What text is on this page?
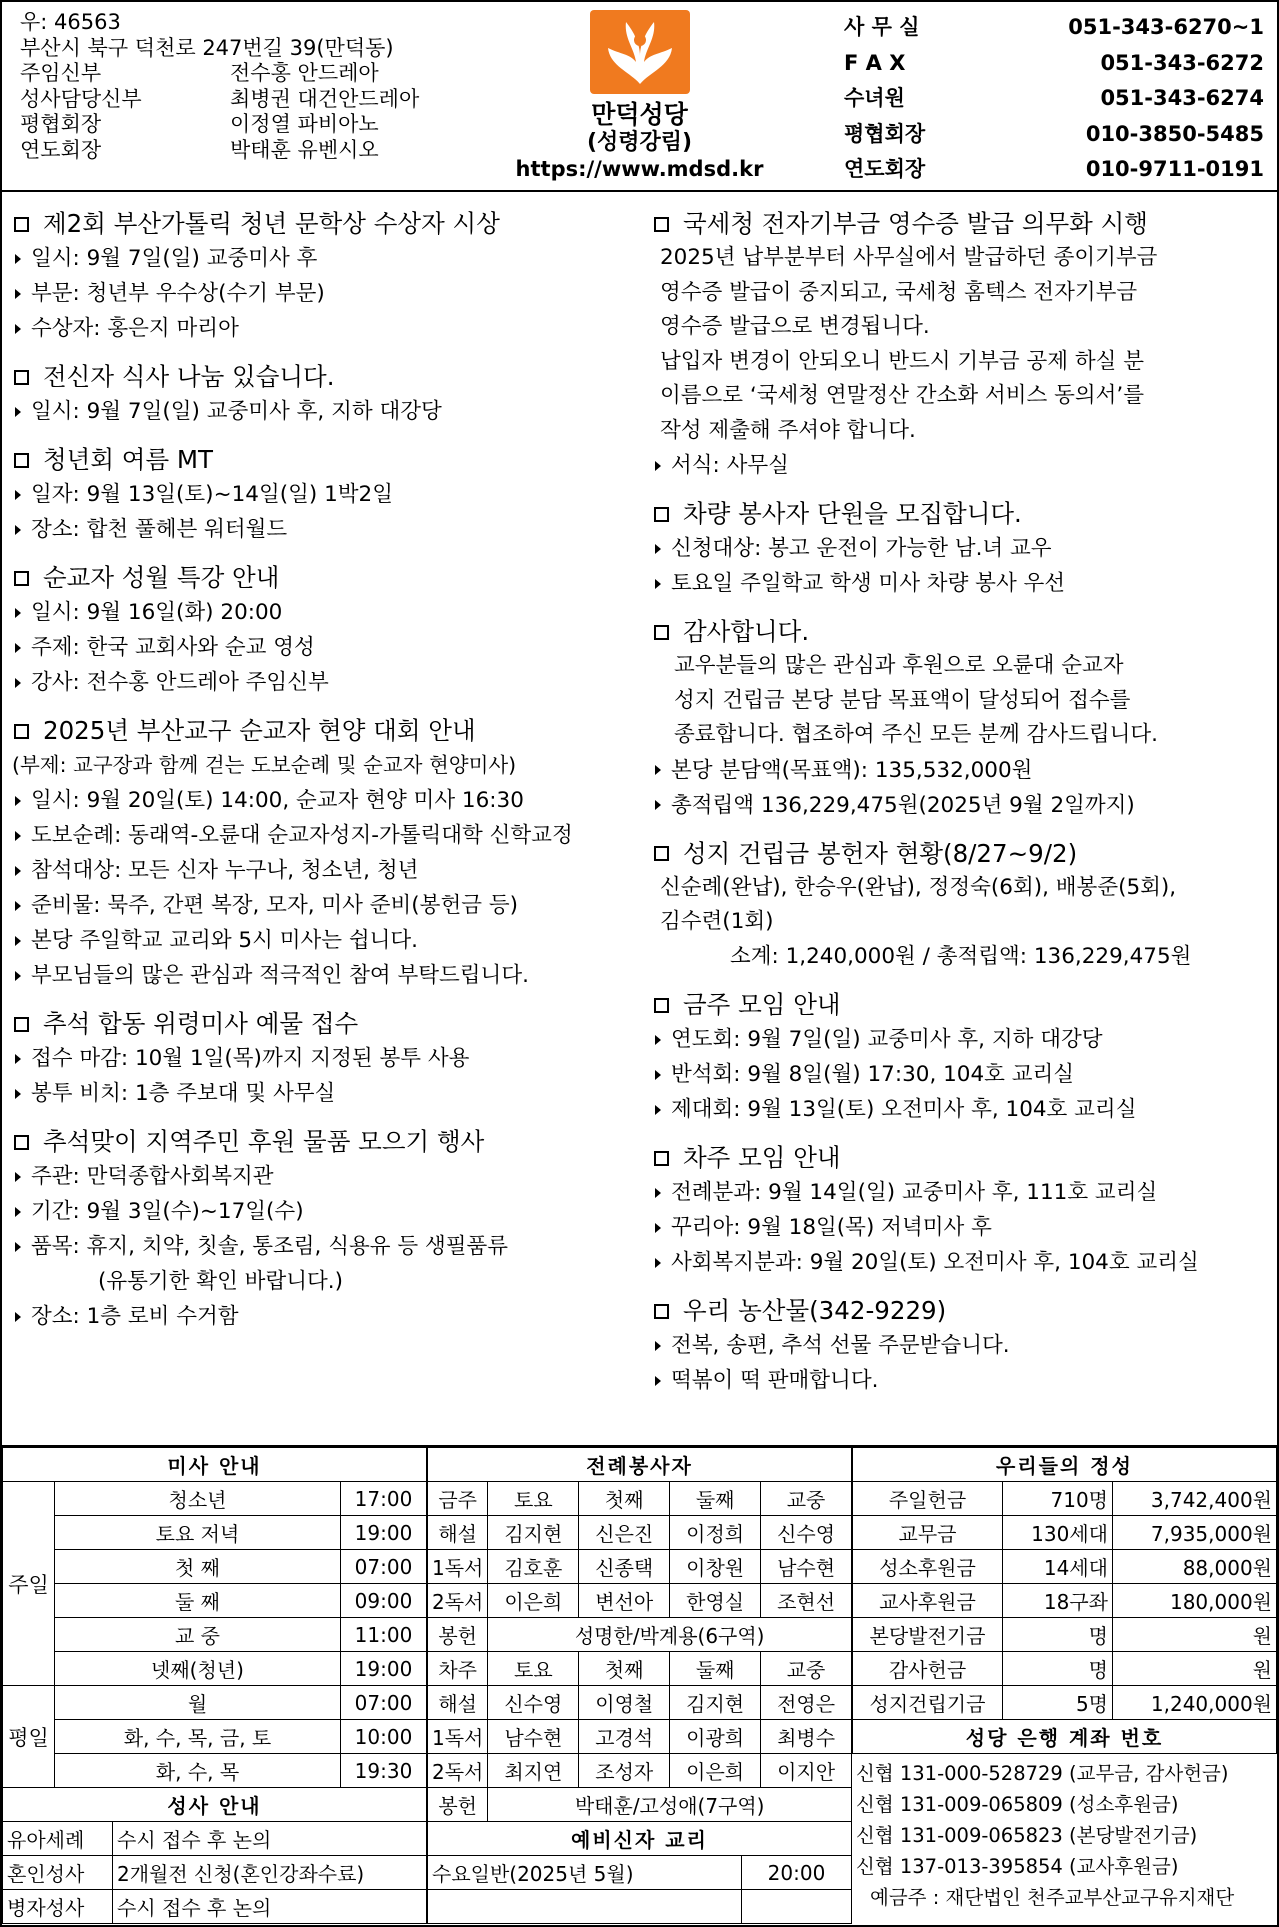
우: 46563
부산시 북구 덕천로 247번길 39(만덕동)
주임신부	전수홍 안드레아
성사담당신부	최병권 대건안드레아
평협회장	이정열 파비아노
연도회장	박태훈 유벤시오
만덕성당
(성령강림)
https://www.mdsd.kr
사 무 실	051-343-6270~1
F A X	051-343-6272
수녀원	051-343-6274
평협회장	010-3850-5485
연도회장	010-9711-0191
제2회 부산가톨릭 청년 문학상 수상자 시상
일시: 9월 7일(일) 교중미사 후
부문: 청년부 우수상(수기 부문)
수상자: 홍은지 마리아
전신자 식사 나눔 있습니다.
일시: 9월 7일(일) 교중미사 후, 지하 대강당
청년회 여름 MT
일자: 9월 13일(토)~14일(일) 1박2일
장소: 합천 풀헤븐 워터월드
순교자 성월 특강 안내
일시: 9월 16일(화) 20:00
주제: 한국 교회사와 순교 영성
강사: 전수홍 안드레아 주임신부
2025년 부산교구 순교자 현양 대회 안내
(부제: 교구장과 함께 걷는 도보순례 및 순교자 현양미사)
일시: 9월 20일(토) 14:00, 순교자 현양 미사 16:30
도보순례: 동래역-오륜대 순교자성지-가톨릭대학 신학교정
참석대상: 모든 신자 누구나, 청소년, 청년
준비물: 묵주, 간편 복장, 모자, 미사 준비(봉헌금 등)
본당 주일학교 교리와 5시 미사는 쉽니다.
부모님들의 많은 관심과 적극적인 참여 부탁드립니다.
추석 합동 위령미사 예물 접수
접수 마감: 10월 1일(목)까지 지정된 봉투 사용
봉투 비치: 1층 주보대 및 사무실
추석맞이 지역주민 후원 물품 모으기 행사
주관: 만덕종합사회복지관
기간: 9월 3일(수)~17일(수)
품목: 휴지, 치약, 칫솔, 통조림, 식용유 등 생필품류
(유통기한 확인 바랍니다.)
장소: 1층 로비 수거함
국세청 전자기부금 영수증 발급 의무화 시행
2025년 납부분부터 사무실에서 발급하던 종이기부금
영수증 발급이 중지되고, 국세청 홈텍스 전자기부금
영수증 발급으로 변경됩니다.
납입자 변경이 안되오니 반드시 기부금 공제 하실 분
이름으로 ‘국세청 연말정산 간소화 서비스 동의서’를
작성 제출해 주셔야 합니다.
서식: 사무실
차량 봉사자 단원을 모집합니다.
신청대상: 봉고 운전이 가능한 남.녀 교우
토요일 주일학교 학생 미사 차량 봉사 우선
감사합니다.
교우분들의 많은 관심과 후원으로 오륜대 순교자
성지 건립금 본당 분담 목표액이 달성되어 접수를
종료합니다. 협조하여 주신 모든 분께 감사드립니다.
본당 분담액(목표액): 135,532,000원
총적립액 136,229,475원(2025년 9월 2일까지)
성지 건립금 봉헌자 현황(8/27~9/2)
신순례(완납), 한승우(완납), 정정숙(6회), 배봉준(5회),
김수련(1회)
소계: 1,240,000원 / 총적립액: 136,229,475원
금주 모임 안내
연도회: 9월 7일(일) 교중미사 후, 지하 대강당
반석회: 9월 8일(월) 17:30, 104호 교리실
제대회: 9월 13일(토) 오전미사 후, 104호 교리실
차주 모임 안내
전례분과: 9월 14일(일) 교중미사 후, 111호 교리실
꾸리아: 9월 18일(목) 저녁미사 후
사회복지분과: 9월 20일(토) 오전미사 후, 104호 교리실
우리 농산물(342-9229)
전복, 송편, 추석 선물 주문받습니다.
떡볶이 떡 판매합니다.
미사 안내		
주일	청소년	17:00
	토요 저녁	19:00
	첫 째	07:00
	둘 째	09:00
	교 중	11:00
	넷째(청년)	19:00
평일	월	07:00
	화, 수, 목, 금, 토	10:00
	화, 수, 목	19:30
성사 안내	
유아세례	수시 접수 후 논의
혼인성사	2개월전 신청(혼인강좌수료)
병자성사	수시 접수 후 논의
전례봉사자				
금주	토요	첫째	둘째	교중
해설	김지현	신은진	이정희	신수영
1독서	김호훈	신종택	이창원	남수현
2독서	이은희	변선아	한영실	조현선
봉헌	성명한/박계용(6구역)			
차주	토요	첫째	둘째	교중
해설	신수영	이영철	김지현	전영은
1독서	남수현	고경석	이광희	최병수
2독서	최지연	조성자	이은희	이지안
봉헌	박태훈/고성애(7구역)			
예비신자 교리	
수요일반(2025년 5월)	20:00

우리들의 정성		
주일헌금	710명	3,742,400원
교무금	130세대	7,935,000원
성소후원금	14세대	88,000원
교사후원금	18구좌	180,000원
본당발전기금	명	원
감사헌금	명	원
성지건립기금	5명	1,240,000원
성당 은행 계좌 번호		
신협 131-000-528729 (교무금, 감사헌금)
신협 131-009-065809 (성소후원금)
신협 131-009-065823 (본당발전기금)
신협 137-013-395854 (교사후원금)
예금주 : 재단법인 천주교부산교구유지재단
